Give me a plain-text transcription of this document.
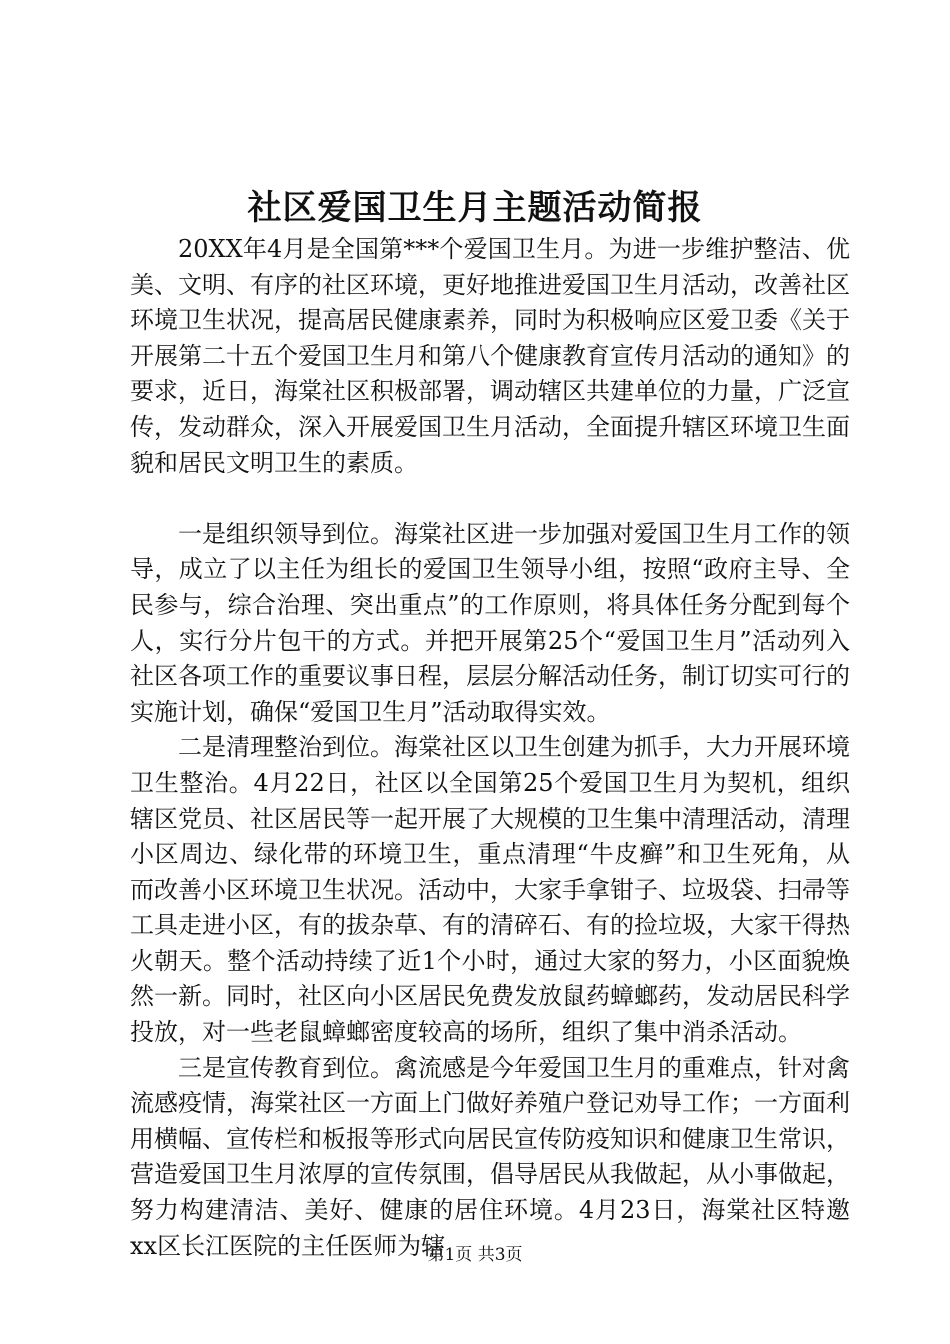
社区爱国卫生月主题活动简报

20XX年4月是全国第***个爱国卫生月。为进一步维护整洁、优美、文明、有序的社区环境，更好地推进爱国卫生月活动，改善社区环境卫生状况，提高居民健康素养，同时为积极响应区爱卫委《关于开展第二十五个爱国卫生月和第八个健康教育宣传月活动的通知》的要求，近日，海棠社区积极部署，调动辖区共建单位的力量，广泛宣传，发动群众，深入开展爱国卫生月活动，全面提升辖区环境卫生面貌和居民文明卫生的素质。

一是组织领导到位。海棠社区进一步加强对爱国卫生月工作的领导，成立了以主任为组长的爱国卫生领导小组，按照“政府主导、全民参与，综合治理、突出重点”的工作原则，将具体任务分配到每个人，实行分片包干的方式。并把开展第25个“爱国卫生月”活动列入社区各项工作的重要议事日程，层层分解活动任务，制订切实可行的实施计划，确保“爱国卫生月”活动取得实效。

二是清理整治到位。海棠社区以卫生创建为抓手，大力开展环境卫生整治。4月22日，社区以全国第25个爱国卫生月为契机，组织辖区党员、社区居民等一起开展了大规模的卫生集中清理活动，清理小区周边、绿化带的环境卫生，重点清理“牛皮癣”和卫生死角，从而改善小区环境卫生状况。活动中，大家手拿钳子、垃圾袋、扫帚等工具走进小区，有的拔杂草、有的清碎石、有的捡垃圾，大家干得热火朝天。整个活动持续了近1个小时，通过大家的努力，小区面貌焕然一新。同时，社区向小区居民免费发放鼠药蟑螂药，发动居民科学投放，对一些老鼠蟑螂密度较高的场所，组织了集中消杀活动。

三是宣传教育到位。禽流感是今年爱国卫生月的重难点，针对禽流感疫情，海棠社区一方面上门做好养殖户登记劝导工作；一方面利用横幅、宣传栏和板报等形式向居民宣传防疫知识和健康卫生常识，营造爱国卫生月浓厚的宣传氛围，倡导居民从我做起，从小事做起，努力构建清洁、美好、健康的居住环境。4月23日，海棠社区特邀xx区长江医院的主任医师为辖

第1页 共3页
